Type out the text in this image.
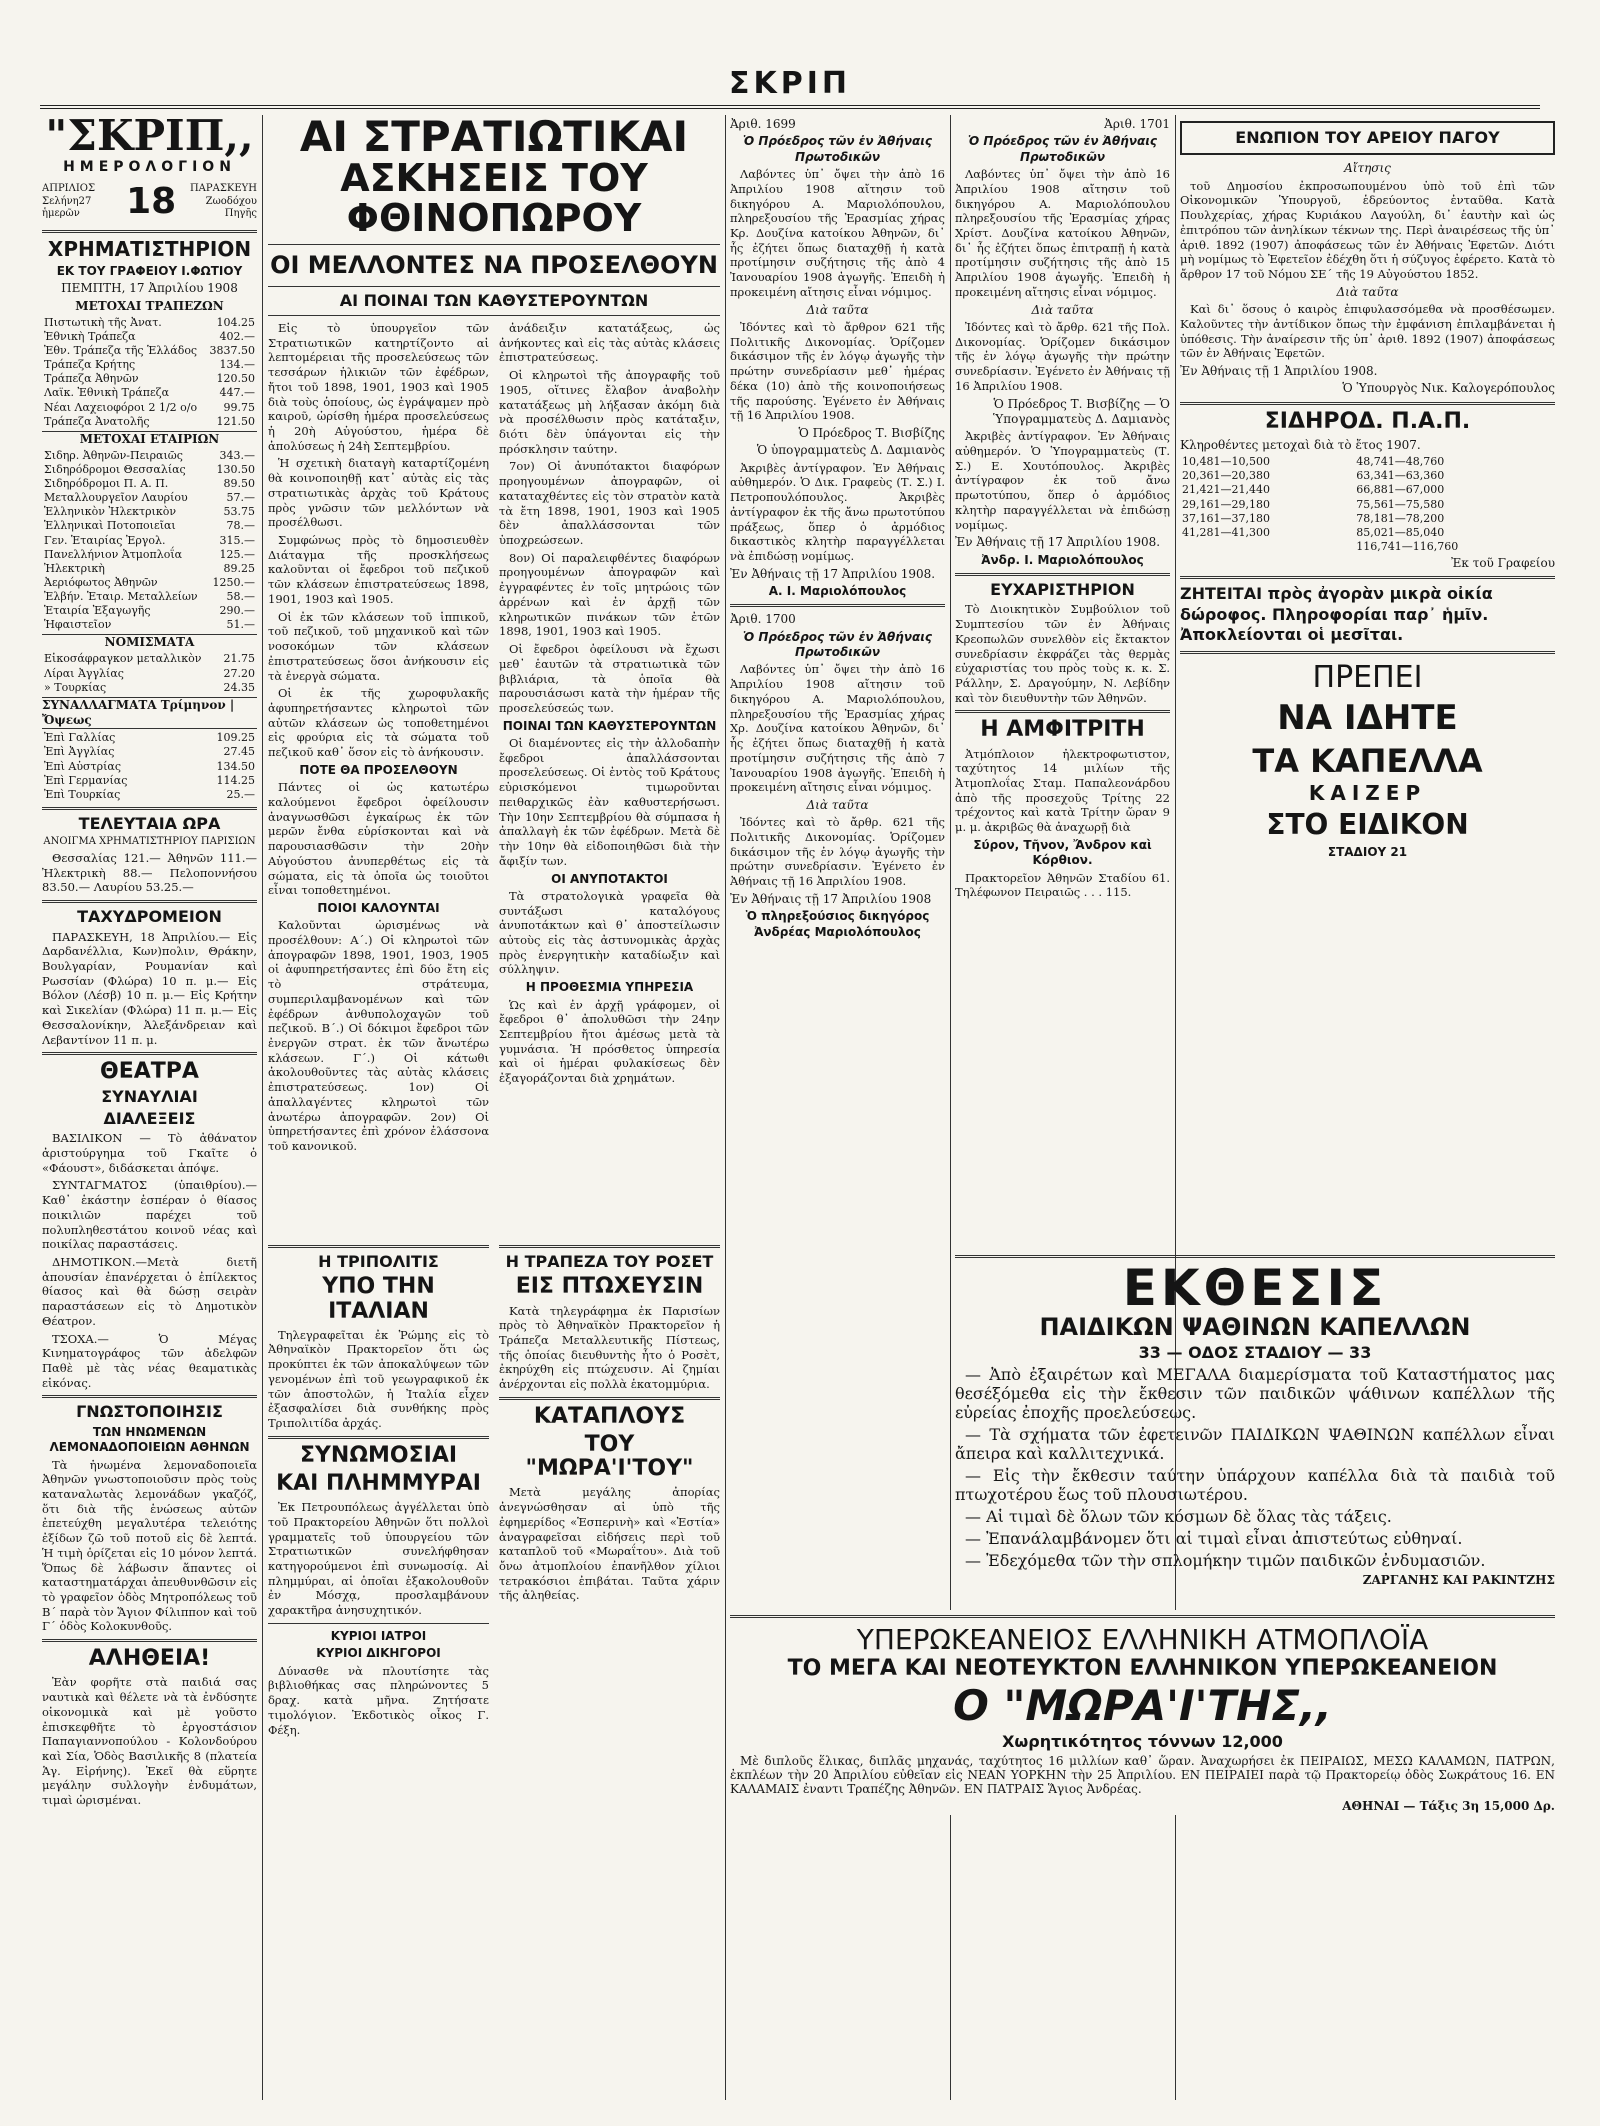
ΣΚΡΙΠ
"ΣΚΡΙΠ,,
ΗΜΕΡΟΛΟΓΙΟΝ
ΑΠΡΙΛΙΟΣ
Σελήνη27 ἡμερῶν	18	ΠΑΡΑΣΚΕΥΗ
Ζωοδόχου Πηγῆς
ΧΡΗΜΑΤΙΣΤΗΡΙΟΝ
ΕΚ ΤΟΥ ΓΡΑΦΕΙΟΥ Ι.ΦΩΤΙΟΥ
ΠΕΜΠΤΗ, 17 Ἀπριλίου 1908
ΜΕΤΟΧΑΙ ΤΡΑΠΕΖΩΝ
Πιστωτικὴ τῆς Ἀνατ.	104.25
Ἐθνικὴ Τράπεζα	402.—
Ἐθν. Τράπεζα τῆς Ἑλλάδος	3837.50
Τράπεζα Κρήτης	134.—
Τράπεζα Ἀθηνῶν	120.50
Λαϊκ. Ἐθνικὴ Τράπεζα	447.—
Νέαι Λαχειοφόροι 2 1/2 ο/ο	99.75
Τράπεζα Ἀνατολῆς	121.50
ΜΕΤΟΧΑΙ ΕΤΑΙΡΙΩΝ
Σιδηρ. Ἀθηνῶν-Πειραιῶς	343.—
Σιδηρόδρομοι Θεσσαλίας	130.50
Σιδηρόδρομοι Π. Α. Π.	89.50
Μεταλλουργεῖον Λαυρίου	57.—
Ἑλληνικὸν Ἠλεκτρικὸν	53.75
Ἑλληνικαὶ Ποτοποιεῖαι	78.—
Γεν. Ἑταιρίας Ἐργολ.	315.—
Πανελλήνιον Ἀτμοπλοΐα	125.—
Ἠλεκτρικὴ	89.25
Ἀεριόφωτος Ἀθηνῶν	1250.—
Ἐλβήν. Ἑταιρ. Μεταλλείων	58.—
Ἑταιρία Ἐξαγωγῆς	290.—
Ἡφαιστεῖον	51.—
ΝΟΜΙΣΜΑΤΑ
Εἰκοσάφραγκον μεταλλικὸν	21.75
Λίραι Ἀγγλίας	27.20
» Τουρκίας	24.35
ΣΥΝΑΛΛΑΓΜΑΤΑ Τρίμηνον | Ὄψεως
Ἐπὶ Γαλλίας	109.25
Ἐπὶ Ἀγγλίας	27.45
Ἐπὶ Αὐστρίας	134.50
Ἐπὶ Γερμανίας	114.25
Ἐπὶ Τουρκίας	25.—
ΤΕΛΕΥΤΑΙΑ ΩΡΑ
ΑΝΟΙΓΜΑ ΧΡΗΜΑΤΙΣΤΗΡΙΟΥ ΠΑΡΙΣΙΩΝ

Θεσσαλίας 121.— Ἀθηνῶν 111.— Ἠλεκτρικὴ 88.— Πελοποννήσου 83.50.— Λαυρίου 53.25.—

ΤΑΧΥΔΡΟΜΕΙΟΝ

ΠΑΡΑΣΚΕΥΗ, 18 Ἀπριλίου.— Εἰς Δαρδανέλλια, Κων)πολιν, Θράκην, Βουλγαρίαν, Ρουμανίαν καὶ Ρωσσίαν (Φλώρα) 10 π. μ.— Εἰς Βόλον (Λέσβ) 10 π. μ.— Εἰς Κρήτην καὶ Σικελίαν (Φλώρα) 11 π. μ.— Εἰς Θεσσαλονίκην, Ἀλεξάνδρειαν καὶ Λεβαντίνον 11 π. μ.

ΘΕΑΤΡΑ
ΣΥΝΑΥΛΙΑΙ
ΔΙΑΛΕΞΕΙΣ

ΒΑΣΙΛΙΚΟΝ — Τὸ ἀθάνατον ἀριστούργημα τοῦ Γκαῖτε ὁ «Φάουστ», διδάσκεται ἀπόψε.

ΣΥΝΤΑΓΜΑΤΟΣ (ὑπαιθρίου).— Καθ᾽ ἑκάστην ἑσπέραν ὁ θίασος ποικιλιῶν παρέχει τοῦ πολυπληθεστάτου κοινοῦ νέας καὶ ποικίλας παραστάσεις.

ΔΗΜΟΤΙΚΟΝ.—Μετὰ διετῆ ἀπουσίαν ἐπανέρχεται ὁ ἐπίλεκτος θίασος καὶ θὰ δώσῃ σειρὰν παραστάσεων εἰς τὸ Δημοτικὸν Θέατρον.

ΤΣΟΧΑ.— Ὁ Μέγας Κινηματογράφος τῶν ἀδελφῶν Παθὲ μὲ τὰς νέας θεαματικὰς εἰκόνας.

ΓΝΩΣΤΟΠΟΙΗΣΙΣ
ΤΩΝ ΗΝΩΜΕΝΩΝ ΛΕΜΟΝΑΔΟΠΟΙΕΙΩΝ ΑΘΗΝΩΝ

Τὰ ἡνωμένα λεμοναδοποιεῖα Ἀθηνῶν γνωστοποιοῦσιν πρὸς τοὺς καταναλωτὰς λεμονάδων γκαζόζ, ὅτι διὰ τῆς ἑνώσεως αὐτῶν ἐπετεύχθη μεγαλυτέρα τελειότης ἐξίδων ζῶ τοῦ ποτοῦ εἰς δὲ λεπτά. Ἡ τιμὴ ὁρίζεται εἰς 10 μόνον λεπτά. Ὅπως δὲ λάβωσιν ἅπαντες οἱ καταστηματάρχαι ἀπευθυνθῶσιν εἰς τὸ γραφεῖον ὁδὸς Μητροπόλεως τοῦ Β΄ παρὰ τὸν Ἅγιον Φίλιππον καὶ τοῦ Γ΄ ὁδὸς Κολοκυνθοῦς.

ΑΛΗΘΕΙΑ!

Ἐὰν φορῆτε στὰ παιδιά σας ναυτικὰ καὶ θέλετε νὰ τὰ ἐνδύσητε οἰκονομικὰ καὶ μὲ γοῦστο ἐπισκεφθῆτε τὸ ἐργοστάσιον Παπαγιαννοπούλου - Κολονδούρου καὶ Σία, Ὁδὸς Βασιλικῆς 8 (πλατεία Ἁγ. Εἰρήνης). Ἐκεῖ θὰ εὕρητε μεγάλην συλλογὴν ἐνδυμάτων, τιμαὶ ὡρισμέναι.

ΑΙ ΣΤΡΑΤΙΩΤΙΚΑΙ
ΑΣΚΗΣΕΙΣ ΤΟΥ ΦΘΙΝΟΠΩΡΟΥ
ΟΙ ΜΕΛΛΟΝΤΕΣ ΝΑ ΠΡΟΣΕΛΘΟΥΝ
ΑΙ ΠΟΙΝΑΙ ΤΩΝ ΚΑΘΥΣΤΕΡΟΥΝΤΩΝ

Εἰς τὸ ὑπουργεῖον τῶν Στρατιωτικῶν κατηρτίζοντο αἱ λεπτομέρειαι τῆς προσελεύσεως τῶν τεσσάρων ἡλικιῶν τῶν ἐφέδρων, ἤτοι τοῦ 1898, 1901, 1903 καὶ 1905 διὰ τοὺς ὁποίους, ὡς ἐγράψαμεν πρὸ καιροῦ, ὡρίσθη ἡμέρα προσελεύσεως ἡ 20ὴ Αὐγούστου, ἡμέρα δὲ ἀπολύσεως ἡ 24ὴ Σεπτεμβρίου.

Ἡ σχετικὴ διαταγὴ καταρτίζομένη θὰ κοινοποιηθῇ κατ᾽ αὐτὰς εἰς τὰς στρατιωτικὰς ἀρχὰς τοῦ Κράτους πρὸς γνῶσιν τῶν μελλόντων νὰ προσέλθωσι.

Συμφώνως πρὸς τὸ δημοσιευθὲν Διάταγμα τῆς προσκλήσεως καλοῦνται οἱ ἔφεδροι τοῦ πεζικοῦ τῶν κλάσεων ἐπιστρατεύσεως 1898, 1901, 1903 καὶ 1905.

Οἱ ἐκ τῶν κλάσεων τοῦ ἱππικοῦ, τοῦ πεζικοῦ, τοῦ μηχανικοῦ καὶ τῶν νοσοκόμων τῶν κλάσεων ἐπιστρατεύσεως ὅσοι ἀνήκουσιν εἰς τὰ ἐνεργὰ σώματα.

Οἱ ἐκ τῆς χωροφυλακῆς ἀφυπηρετήσαντες κληρωτοὶ τῶν αὐτῶν κλάσεων ὡς τοποθετημένοι εἰς φρούρια εἰς τὰ σώματα τοῦ πεζικοῦ καθ᾽ ὅσον εἰς τὸ ἀνήκουσιν.

ΠΟΤΕ ΘΑ ΠΡΟΣΕΛΘΟΥΝ

Πάντες οἱ ὡς κατωτέρω καλούμενοι ἔφεδροι ὀφείλουσιν ἀναγνωσθῶσι ἐγκαίρως ἐκ τῶν μερῶν ἔνθα εὑρίσκονται καὶ νὰ παρουσιασθῶσιν τὴν 20ὴν Αὐγούστου ἀνυπερθέτως εἰς τὰ σώματα, εἰς τὰ ὁποῖα ὡς τοιοῦτοι εἶναι τοποθετημένοι.

ΠΟΙΟΙ ΚΑΛΟΥΝΤΑΙ

Καλοῦνται ὡρισμένως νὰ προσέλθουν: Α΄.) Οἱ κληρωτοὶ τῶν ἀπογραφῶν 1898, 1901, 1903, 1905 οἱ ἀφυπηρετήσαντες ἐπὶ δύο ἔτη εἰς τὸ στράτευμα, συμπεριλαμβανομένων καὶ τῶν ἐφέδρων ἀνθυπολοχαγῶν τοῦ πεζικοῦ. Β΄.) Οἱ δόκιμοι ἔφεδροι τῶν ἐνεργῶν στρατ. ἐκ τῶν ἄνωτέρω κλάσεων. Γ΄.) Οἱ κάτωθι ἀκολουθοῦντες τὰς αὐτὰς κλάσεις ἐπιστρατεύσεως. 1ον) Οἱ ἀπαλλαγέντες κληρωτοὶ τῶν ἀνωτέρω ἀπογραφῶν. 2ον) Οἱ ὑπηρετήσαντες ἐπὶ χρόνον ἐλάσσονα τοῦ κανονικοῦ.

ἀνάδειξιν κατατάξεως, ὡς ἀνήκοντες καὶ εἰς τὰς αὐτὰς κλάσεις ἐπιστρατεύσεως.

Οἱ κληρωτοὶ τῆς ἀπογραφῆς τοῦ 1905, οἵτινες ἔλαβον ἀναβολὴν κατατάξεως μὴ λήξασαν ἀκόμη διὰ νὰ προσέλθωσιν πρὸς κατάταξιν, διότι δὲν ὑπάγονται εἰς τὴν πρόσκλησιν ταύτην.

7ον) Οἱ ἀνυπότακτοι διαφόρων προηγουμένων ἀπογραφῶν, οἱ καταταχθέντες εἰς τὸν στρατὸν κατὰ τὰ ἔτη 1898, 1901, 1903 καὶ 1905 δὲν ἀπαλλάσσονται τῶν ὑποχρεώσεων.

8ον) Οἱ παραλειφθέντες διαφόρων προηγουμένων ἀπογραφῶν καὶ ἐγγραφέντες ἐν τοῖς μητρώοις τῶν ἀρρένων καὶ ἐν ἀρχῇ τῶν κληρωτικῶν πινάκων τῶν ἐτῶν 1898, 1901, 1903 καὶ 1905.

Οἱ ἔφεδροι ὀφείλουσι νὰ ἔχωσι μεθ᾽ ἑαυτῶν τὰ στρατιωτικὰ τῶν βιβλιάρια, τὰ ὁποῖα θὰ παρουσιάσωσι κατὰ τὴν ἡμέραν τῆς προσελεύσεώς των.

ΠΟΙΝΑΙ ΤΩΝ ΚΑΘΥΣΤΕΡΟΥΝΤΩΝ

Οἱ διαμένοντες εἰς τὴν ἀλλοδαπὴν ἔφεδροι ἀπαλλάσσονται προσελεύσεως. Οἱ ἐντὸς τοῦ Κράτους εὑρισκόμενοι τιμωροῦνται πειθαρχικῶς ἐὰν καθυστερήσωσι. Τὴν 10ην Σεπτεμβρίου θὰ σύμπασα ἡ ἀπαλλαγὴ ἐκ τῶν ἐφέδρων. Μετὰ δὲ τὴν 10ην θὰ εἰδοποιηθῶσι διὰ τὴν ἄφιξίν των.

ΟΙ ΑΝΥΠΟΤΑΚΤΟΙ

Τὰ στρατολογικὰ γραφεῖα θὰ συντάξωσι καταλόγους ἀνυποτάκτων καὶ θ᾽ ἀποστείλωσιν αὐτοὺς εἰς τὰς ἀστυνομικὰς ἀρχὰς πρὸς ἐνεργητικὴν καταδίωξιν καὶ σύλληψιν.

Η ΠΡΟΘΕΣΜΙΑ ΥΠΗΡΕΣΙΑ

Ὡς καὶ ἐν ἀρχῇ γράφομεν, οἱ ἔφεδροι θ᾽ ἀπολυθῶσι τὴν 24ην Σεπτεμβρίου ἤτοι ἀμέσως μετὰ τὰ γυμνάσια. Ἡ πρόσθετος ὑπηρεσία καὶ οἱ ἡμέραι φυλακίσεως δὲν ἐξαγοράζονται διὰ χρημάτων.

Η ΤΡΙΠΟΛΙΤΙΣ
ΥΠΟ ΤΗΝ ΙΤΑΛΙΑΝ

Τηλεγραφεῖται ἐκ Ῥώμης εἰς τὸ Ἀθηναϊκὸν Πρακτορεῖον ὅτι ὡς προκύπτει ἐκ τῶν ἀποκαλύψεων τῶν γενομένων ἐπὶ τοῦ γεωγραφικοῦ ἐκ τῶν ἀποστολῶν, ἡ Ἰταλία εἶχεν ἐξασφαλίσει διὰ συνθήκης πρὸς Τριπολιτίδα ἀρχάς.

ΣΥΝΩΜΟΣΙΑΙ
ΚΑΙ ΠΛΗΜΜΥΡΑΙ

Ἐκ Πετρουπόλεως ἀγγέλλεται ὑπὸ τοῦ Πρακτορείου Ἀθηνῶν ὅτι πολλοὶ γραμματεῖς τοῦ ὑπουργείου τῶν Στρατιωτικῶν συνελήφθησαν κατηγορούμενοι ἐπὶ συνωμοσίᾳ. Αἱ πλημμύραι, αἱ ὁποῖαι ἐξακολουθοῦν ἐν Μόσχᾳ, προσλαμβάνουν χαρακτῆρα ἀνησυχητικόν.

ΚΥΡΙΟΙ ΙΑΤΡΟΙ
ΚΥΡΙΟΙ ΔΙΚΗΓΟΡΟΙ

Δύνασθε νὰ πλουτίσητε τὰς βιβλιοθήκας σας πληρώνοντες 5 δραχ. κατὰ μῆνα. Ζητήσατε τιμολόγιον. Ἐκδοτικὸς οἶκος Γ. Φέξη.

Η ΤΡΑΠΕΖΑ ΤΟΥ ΡΟΣΕΤ
ΕΙΣ ΠΤΩΧΕΥΣΙΝ

Κατὰ τηλεγράφημα ἐκ Παρισίων πρὸς τὸ Ἀθηναϊκὸν Πρακτορεῖον ἡ Τράπεζα Μεταλλευτικῆς Πίστεως, τῆς ὁποίας διευθυντὴς ἦτο ὁ Ροσὲτ, ἐκηρύχθη εἰς πτώχευσιν. Αἱ ζημίαι ἀνέρχονται εἰς πολλὰ ἑκατομμύρια.

ΚΑΤΑΠΛΟΥΣ
ΤΟΥ "ΜΩΡΑ'Ι'ΤΟΥ"

Μετὰ μεγάλης ἀπορίας ἀνεγνώσθησαν αἱ ὑπὸ τῆς ἐφημερίδος «Ἑσπερινὴ» καὶ «Ἑστία» ἀναγραφεῖσαι εἰδήσεις περὶ τοῦ καταπλοῦ τοῦ «Μωραΐτου». Διὰ τοῦ ὄνω ἀτμοπλοίου ἐπανῆλθον χίλιοι τετρακόσιοι ἐπιβάται. Ταῦτα χάριν τῆς ἀληθείας.

Ἀριθ. 1699
Ὁ Πρόεδρος τῶν ἐν Ἀθήναις Πρωτοδικῶν

Λαβόντες ὑπ᾽ ὄψει τὴν ἀπὸ 16 Ἀπριλίου 1908 αἴτησιν τοῦ δικηγόρου Α. Μαριολόπουλου, πληρεξουσίου τῆς Ἐρασμίας χήρας Κρ. Δουζίνα κατοίκου Ἀθηνῶν, δι᾽ ἧς ἐζήτει ὅπως διαταχθῇ ἡ κατὰ προτίμησιν συζήτησις τῆς ἀπὸ 4 Ἰανουαρίου 1908 ἀγωγῆς. Ἐπειδὴ ἡ προκειμένη αἴτησις εἶναι νόμιμος.

Διὰ ταῦτα

Ἰδόντες καὶ τὸ ἄρθρον 621 τῆς Πολιτικῆς Δικονομίας. Ὁρίζομεν δικάσιμον τῆς ἐν λόγῳ ἀγωγῆς τὴν πρώτην συνεδρίασιν μεθ᾽ ἡμέρας δέκα (10) ἀπὸ τῆς κοινοποιήσεως τῆς παρούσης. Ἐγένετο ἐν Ἀθήναις τῇ 16 Ἀπριλίου 1908.

Ὁ Πρόεδρος Τ. Βισβίζης
Ὁ ὑπογραμματεὺς Δ. Δαμιανὸς

Ἀκριβὲς ἀντίγραφον. Ἐν Ἀθήναις αὐθημερόν. Ὁ Δικ. Γραφεὺς (Τ. Σ.) Ι. Πετροπουλόπουλος. Ἀκριβὲς ἀντίγραφον ἐκ τῆς ἄνω πρωτοτύπου πράξεως, ὅπερ ὁ ἀρμόδιος δικαστικὸς κλητὴρ παραγγέλλεται νὰ ἐπιδώσῃ νομίμως.

Ἐν Ἀθήναις τῇ 17 Ἀπριλίου 1908.
Α. Ι. Μαριολόπουλος
Ἀριθ. 1700
Ὁ Πρόεδρος τῶν ἐν Ἀθήναις Πρωτοδικῶν

Λαβόντες ὑπ᾽ ὄψει τὴν ἀπὸ 16 Ἀπριλίου 1908 αἴτησιν τοῦ δικηγόρου Α. Μαριολόπουλου, πληρεξουσίου τῆς Ἐρασμίας χήρας Χρ. Δουζίνα κατοίκου Ἀθηνῶν, δι᾽ ἧς ἐζήτει ὅπως διαταχθῇ ἡ κατὰ προτίμησιν συζήτησις τῆς ἀπὸ 7 Ἰανουαρίου 1908 ἀγωγῆς. Ἐπειδὴ ἡ προκειμένη αἴτησις εἶναι νόμιμος.

Διὰ ταῦτα

Ἰδόντες καὶ τὸ ἄρθρ. 621 τῆς Πολιτικῆς Δικονομίας. Ὁρίζομεν δικάσιμον τῆς ἐν λόγῳ ἀγωγῆς τὴν πρώτην συνεδρίασιν. Ἐγένετο ἐν Ἀθήναις τῇ 16 Ἀπριλίου 1908.

Ἐν Ἀθήναις τῇ 17 Ἀπριλίου 1908
Ὁ πληρεξούσιος δικηγόρος Ἀνδρέας Μαριολόπουλος
Ἀριθ. 1701
Ὁ Πρόεδρος τῶν ἐν Ἀθήναις Πρωτοδικῶν

Λαβόντες ὑπ᾽ ὄψει τὴν ἀπὸ 16 Ἀπριλίου 1908 αἴτησιν τοῦ δικηγόρου Α. Μαριολόπουλου πληρεξουσίου τῆς Ἐρασμίας χήρας Χρίστ. Δουζίνα κατοίκου Ἀθηνῶν, δι᾽ ἧς ἐζήτει ὅπως ἐπιτραπῇ ἡ κατὰ προτίμησιν συζήτησις τῆς ἀπὸ 15 Ἀπριλίου 1908 ἀγωγῆς. Ἐπειδὴ ἡ προκειμένη αἴτησις εἶναι νόμιμος.

Διὰ ταῦτα

Ἰδόντες καὶ τὸ ἄρθρ. 621 τῆς Πολ. Δικονομίας. Ὁρίζομεν δικάσιμον τῆς ἐν λόγῳ ἀγωγῆς τὴν πρώτην συνεδρίασιν. Ἐγένετο ἐν Ἀθήναις τῇ 16 Ἀπριλίου 1908.

Ὁ Πρόεδρος Τ. Βισβίζης — Ὁ Ὑπογραμματεὺς Δ. Δαμιανὸς

Ἀκριβὲς ἀντίγραφον. Ἐν Ἀθήναις αὐθημερόν. Ὁ Ὑπογραμματεὺς (Τ. Σ.) Ε. Χουτόπουλος. Ἀκριβὲς ἀντίγραφον ἐκ τοῦ ἄνω πρωτοτύπου, ὅπερ ὁ ἀρμόδιος κλητὴρ παραγγέλλεται νὰ ἐπιδώσῃ νομίμως.

Ἐν Ἀθήναις τῇ 17 Ἀπριλίου 1908.
Ἀνδρ. Ι. Μαριολόπουλος
ΕΥΧΑΡΙΣΤΗΡΙΟΝ

Τὸ Διοικητικὸν Συμβούλιον τοῦ Συμπτεσίου τῶν ἐν Ἀθήναις Κρεοπωλῶν συνελθὸν εἰς ἔκτακτον συνεδρίασιν ἐκφράζει τὰς θερμὰς εὐχαριστίας του πρὸς τοὺς κ. κ. Σ. Ράλλην, Σ. Δραγούμην, Ν. Λεβίδην καὶ τὸν διευθυντὴν τῶν Ἀθηνῶν.

Η ΑΜΦΙΤΡΙΤΗ

Ἀτμόπλοιον ἠλεκτροφωτιστον, ταχύτητος 14 μιλίων τῆς Ἀτμοπλοΐας Σταμ. Παπαλεονάρδου ἀπὸ τῆς προσεχοῦς Τρίτης 22 τρέχοντος καὶ κατὰ Τρίτην ὥραν 9 μ. μ. ἀκριβῶς θὰ ἀναχωρῇ διὰ

Σύρον, Τῆνον, Ἄνδρον καὶ Κόρθιον.

Πρακτορεῖον Ἀθηνῶν Σταδίου 61. Τηλέφωνον Πειραιῶς . . . 115.

ΕΝΩΠΙΟΝ ΤΟΥ ΑΡΕΙΟΥ ΠΑΓΟΥ
Αἴτησις

τοῦ Δημοσίου ἐκπροσωπουμένου ὑπὸ τοῦ ἐπὶ τῶν Οἰκονομικῶν Ὑπουργοῦ, ἑδρεύοντος ἐνταῦθα. Κατὰ Πουλχερίας, χήρας Κυριάκου Λαγούλη, δι᾽ ἑαυτὴν καὶ ὡς ἐπιτρόπου τῶν ἀνηλίκων τέκνων της. Περὶ ἀναιρέσεως τῆς ὑπ᾽ ἀριθ. 1892 (1907) ἀποφάσεως τῶν ἐν Ἀθήναις Ἐφετῶν. Διότι μὴ νομίμως τὸ Ἐφετεῖον ἐδέχθη ὅτι ἡ σύζυγος ἐφέρετο. Κατὰ τὸ ἄρθρον 17 τοῦ Νόμου ΣΕ΄ τῆς 19 Αὐγούστου 1852.

Διὰ ταῦτα

Καὶ δι᾽ ὅσους ὁ καιρὸς ἐπιφυλασσόμεθα νὰ προσθέσωμεν. Καλοῦντες τὴν ἀντίδικον ὅπως τὴν ἐμφάνιση ἐπιλαμβάνεται ἡ ὑπόθεσις. Τὴν ἀναίρεσιν τῆς ὑπ᾽ ἀριθ. 1892 (1907) ἀποφάσεως τῶν ἐν Ἀθήναις Ἐφετῶν.

Ἐν Ἀθήναις τῇ 1 Ἀπριλίου 1908.
Ὁ Ὑπουργὸς Νικ. Καλογερόπουλος
ΣΙΔΗΡΟΔ. Π.Α.Π.
Κληροθέντες μετοχαὶ διὰ τὸ ἔτος 1907.
10,481—10,500	48,741—48,760
20,361—20,380	63,341—63,360
21,421—21,440	66,881—67,000
29,161—29,180	75,561—75,580
37,161—37,180	78,181—78,200
41,281—41,300	85,021—85,040
	116,741—116,760
Ἐκ τοῦ Γραφείου
ΖΗΤΕΙΤΑΙ πρὸς ἀγορὰν μικρὰ οἰκία δώροφος. Πληροφορίαι παρ᾽ ἡμῖν. Ἀποκλείονται οἱ μεσῖται.
ΠΡΕΠΕΙ
ΝΑ ΙΔΗΤΕ
ΤΑ ΚΑΠΕΛΛΑ
ΚΑΙΖΕΡ
ΣΤΟ ΕΙΔΙΚΟΝ
ΣΤΑΔΙΟΥ 21
ΕΚΘΕΣΙΣ
ΠΑΙΔΙΚΩΝ ΨΑΘΙΝΩΝ ΚΑΠΕΛΛΩΝ
33 — ΟΔΟΣ ΣΤΑΔΙΟΥ — 33

— Ἀπὸ ἐξαιρέτων καὶ ΜΕΓΑΛΑ διαμερίσματα τοῦ Καταστήματος μας θεσέξόμεθα εἰς τὴν ἔκθεσιν τῶν παιδικῶν ψάθινων καπέλλων τῆς εὐρείας ἐποχῆς προελεύσεως.

— Τὰ σχήματα τῶν ἐφετεινῶν ΠΑΙΔΙΚΩΝ ΨΑΘΙΝΩΝ καπέλλων εἶναι ἄπειρα καὶ καλλιτεχνικά.

— Εἰς τὴν ἔκθεσιν ταύτην ὑπάρχουν καπέλλα διὰ τὰ παιδιὰ τοῦ πτωχοτέρου ἕως τοῦ πλουσιωτέρου.

— Αἱ τιμαὶ δὲ ὅλων τῶν κόσμων δὲ ὅλας τὰς τάξεις.

— Ἐπανάλαμβάνομεν ὅτι αἱ τιμαὶ εἶναι ἀπιστεύτως εὐθηναί.

— Ἐδεχόμεθα τῶν τὴν σπλομήκην τιμῶν παιδικῶν ἐνδυμασιῶν.

ΖΑΡΓΑΝΗΣ ΚΑΙ ΡΑΚΙΝΤΖΗΣ
ΥΠΕΡΩΚΕΑΝΕΙΟΣ ΕΛΛΗΝΙΚΗ ΑΤΜΟΠΛΟΪΑ
ΤΟ ΜΕΓΑ ΚΑΙ ΝΕΟΤΕΥΚΤΟΝ ΕΛΛΗΝΙΚΟΝ ΥΠΕΡΩΚΕΑΝΕΙΟΝ
Ο "ΜΩΡΑ'Ι'ΤΗΣ,,
Χωρητικότητος τόννων 12,000

Μὲ διπλοῦς ἕλικας, διπλᾶς μηχανάς, ταχύτητος 16 μιλλίων καθ᾽ ὥραν. Ἀναχωρήσει ἐκ ΠΕΙΡΑΙΩΣ, ΜΕΣΩ ΚΑΛΑΜΩΝ, ΠΑΤΡΩΝ, ἐκπλέων τὴν 20 Ἀπριλίου εὐθεῖαν εἰς ΝΕΑΝ ΥΟΡΚΗΝ τὴν 25 Ἀπριλίου. ΕΝ ΠΕΙΡΑΙΕΙ παρὰ τῷ Πρακτορείῳ ὁδὸς Σωκράτους 16. ΕΝ ΚΑΛΑΜΑΙΣ ἐναντι Τραπέζης Ἀθηνῶν. ΕΝ ΠΑΤΡΑΙΣ Ἅγιος Ἀνδρέας.

ΑΘΗΝΑΙ — Τάξις 3η 15,000 Δρ.
